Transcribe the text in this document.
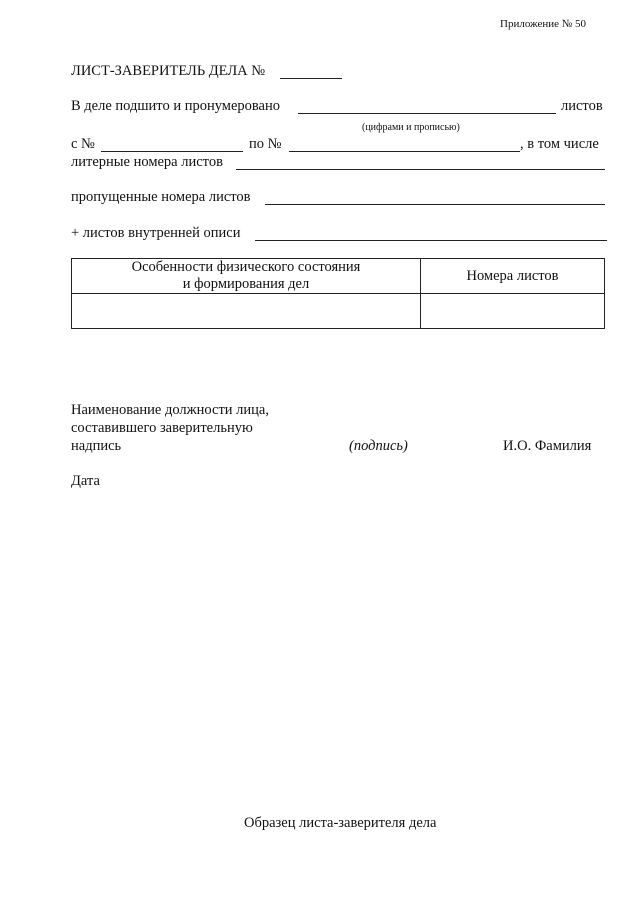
Приложение № 50
ЛИСТ-ЗАВЕРИТЕЛЬ ДЕЛА №
В деле подшито и пронумеровано	листов
(цифрами и прописью)
с №	по №	, в том числе
литерные номера листов
пропущенные номера листов
+ листов внутренней описи
Особенности физического состояния
и формирования дел	Номера листов

Наименование должности лица,
составившего заверительную
надпись	(подпись)	И.О. Фамилия
Дата
Образец листа-заверителя дела
